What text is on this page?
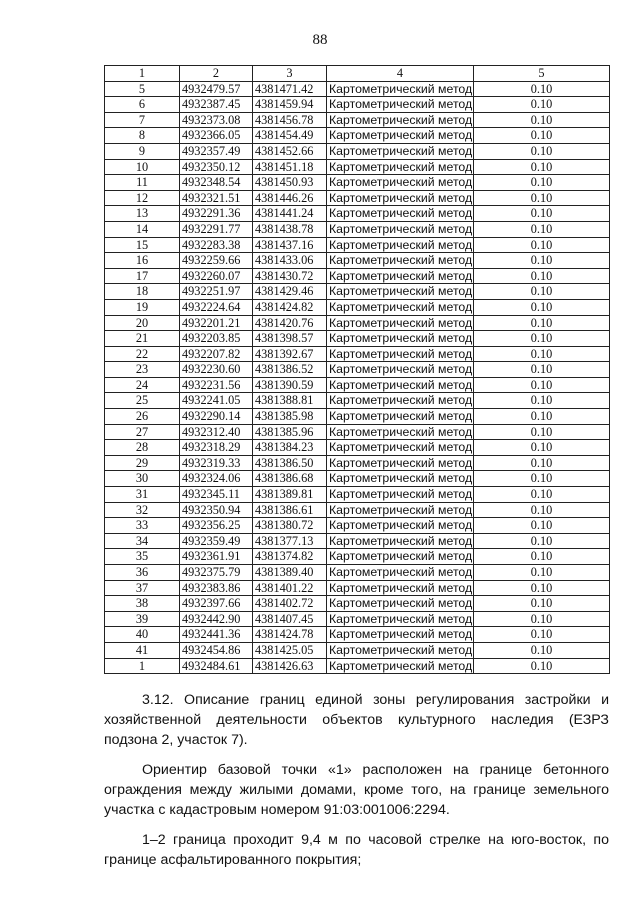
88
1	2	3	4	5
5	4932479.57	4381471.42	Картометрический метод	0.10
6	4932387.45	4381459.94	Картометрический метод	0.10
7	4932373.08	4381456.78	Картометрический метод	0.10
8	4932366.05	4381454.49	Картометрический метод	0.10
9	4932357.49	4381452.66	Картометрический метод	0.10
10	4932350.12	4381451.18	Картометрический метод	0.10
11	4932348.54	4381450.93	Картометрический метод	0.10
12	4932321.51	4381446.26	Картометрический метод	0.10
13	4932291.36	4381441.24	Картометрический метод	0.10
14	4932291.77	4381438.78	Картометрический метод	0.10
15	4932283.38	4381437.16	Картометрический метод	0.10
16	4932259.66	4381433.06	Картометрический метод	0.10
17	4932260.07	4381430.72	Картометрический метод	0.10
18	4932251.97	4381429.46	Картометрический метод	0.10
19	4932224.64	4381424.82	Картометрический метод	0.10
20	4932201.21	4381420.76	Картометрический метод	0.10
21	4932203.85	4381398.57	Картометрический метод	0.10
22	4932207.82	4381392.67	Картометрический метод	0.10
23	4932230.60	4381386.52	Картометрический метод	0.10
24	4932231.56	4381390.59	Картометрический метод	0.10
25	4932241.05	4381388.81	Картометрический метод	0.10
26	4932290.14	4381385.98	Картометрический метод	0.10
27	4932312.40	4381385.96	Картометрический метод	0.10
28	4932318.29	4381384.23	Картометрический метод	0.10
29	4932319.33	4381386.50	Картометрический метод	0.10
30	4932324.06	4381386.68	Картометрический метод	0.10
31	4932345.11	4381389.81	Картометрический метод	0.10
32	4932350.94	4381386.61	Картометрический метод	0.10
33	4932356.25	4381380.72	Картометрический метод	0.10
34	4932359.49	4381377.13	Картометрический метод	0.10
35	4932361.91	4381374.82	Картометрический метод	0.10
36	4932375.79	4381389.40	Картометрический метод	0.10
37	4932383.86	4381401.22	Картометрический метод	0.10
38	4932397.66	4381402.72	Картометрический метод	0.10
39	4932442.90	4381407.45	Картометрический метод	0.10
40	4932441.36	4381424.78	Картометрический метод	0.10
41	4932454.86	4381425.05	Картометрический метод	0.10
1	4932484.61	4381426.63	Картометрический метод	0.10

3.12. Описание границ единой зоны регулирования застройки и хозяйственной деятельности объектов культурного наследия (ЕЗРЗ подзона 2, участок 7).

Ориентир базовой точки «1» расположен на границе бетонного ограждения между жилыми домами, кроме того, на границе земельного участка с кадастровым номером 91:03:001006:2294.

1–2 граница проходит 9,4 м по часовой стрелке на юго-восток, по границе асфальтированного покрытия;
